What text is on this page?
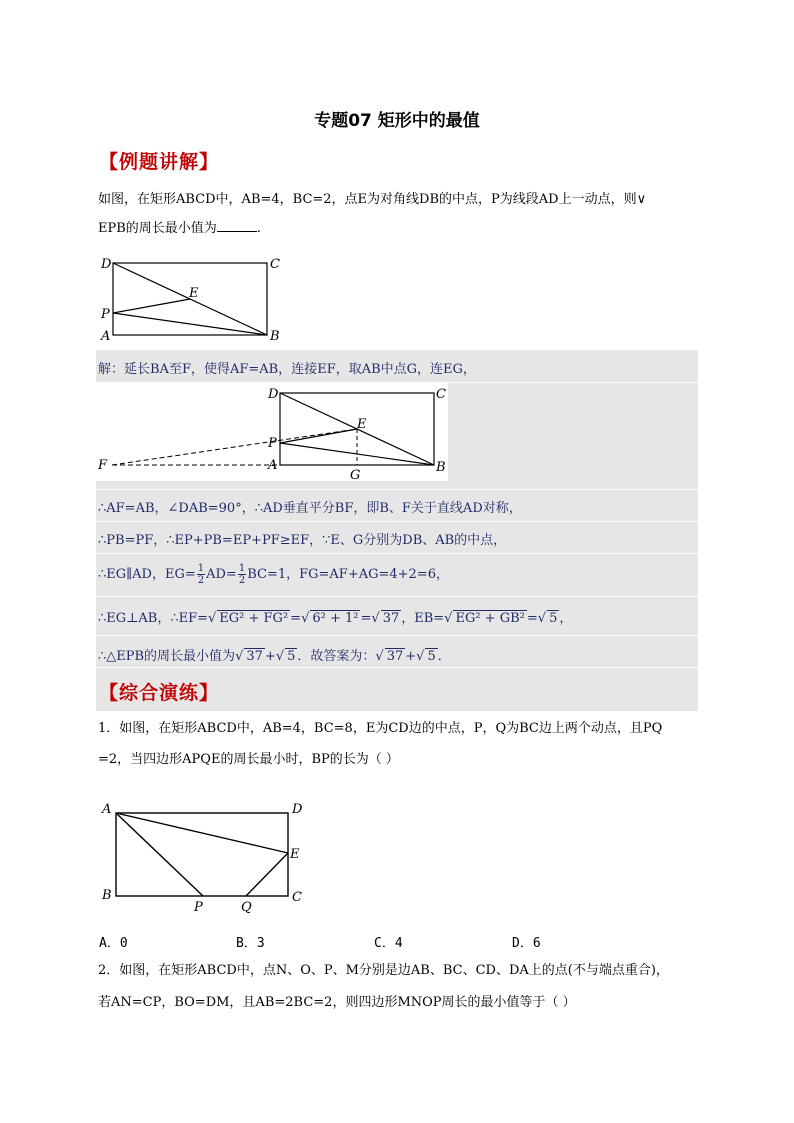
专题07 矩形中的最值
【例题讲解】
如图，在矩形ABCD中，AB=4，BC=2，点E为对角线DB的中点，P为线段AD上一动点，则∨
EPB的周长最小值为	.
D	C
E
P
A	B
解：延长BA至F，使得AF=AB，连接EF，取AB中点G，连EG，
D	C
E
P
F	A
G
B
∴AF=AB，∠DAB=90°，∴AD垂直平分BF，即B、F关于直线AD对称，
∴PB=PF，∴EP+PB=EP+PF≥EF，∵E、G分别为DB、AB的中点，
∴EG∥AD，$EG= \frac{1}{2} AD= \frac{1}{2} BC=1$，FG=AF+AG=4+2=6，
∴EG⊥AB，∴EF=√ EG² + FG² =√ 6² + 1² =√ 37 ，EB=√ EG² + GB² =√ 5 ，
∴△EPB的周长最小值为√ 37 +√ 5 ．故答案为：√ 37 +√ 5 ．
【综合演练】
1．如图，在矩形ABCD中，AB=4，BC=8，E为CD边的中点，P，Q为BC边上两个动点，且PQ
=2，当四边形APQE的周长最小时，BP的长为（ ）
A	D
E
B
P	Q
C
A．0	B．3	C．4	D．6
2．如图，在矩形ABCD中，点N、O、P、M分别是边AB、BC、CD、DA上的点(不与端点重合)，
若AN=CP，BO=DM，且AB=2BC=2，则四边形MNOP周长的最小值等于（ ）
